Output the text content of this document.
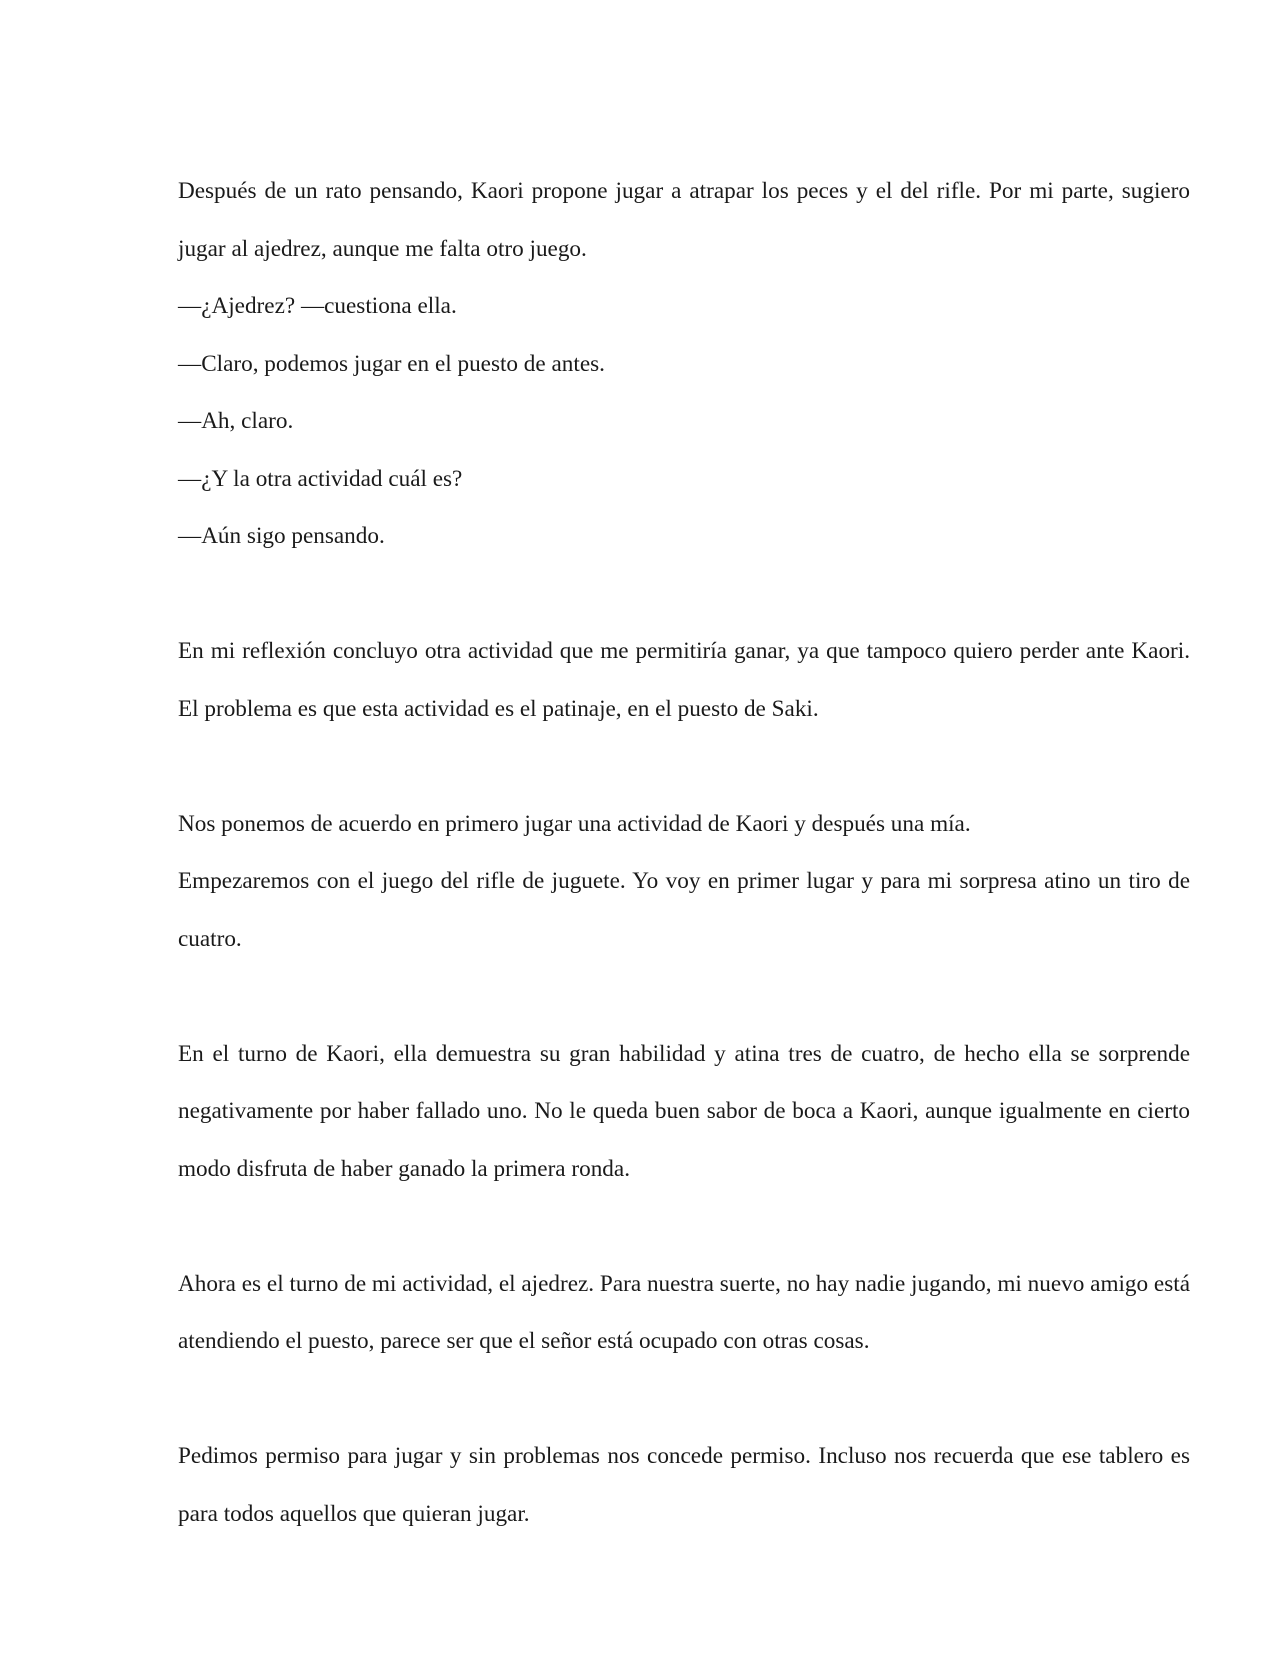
Después de un rato pensando, Kaori propone jugar a atrapar los peces y el del rifle. Por mi parte, sugiero jugar al ajedrez, aunque me falta otro juego.

—¿Ajedrez? —cuestiona ella.

—Claro, podemos jugar en el puesto de antes.

—Ah, claro.

—¿Y la otra actividad cuál es?

—Aún sigo pensando.

En mi reflexión concluyo otra actividad que me permitiría ganar, ya que tampoco quiero perder ante Kaori. El problema es que esta actividad es el patinaje, en el puesto de Saki.

Nos ponemos de acuerdo en primero jugar una actividad de Kaori y después una mía.

Empezaremos con el juego del rifle de juguete. Yo voy en primer lugar y para mi sorpresa atino un tiro de cuatro.

En el turno de Kaori, ella demuestra su gran habilidad y atina tres de cuatro, de hecho ella se sorprende negativamente por haber fallado uno. No le queda buen sabor de boca a Kaori, aunque igualmente en cierto modo disfruta de haber ganado la primera ronda.

Ahora es el turno de mi actividad, el ajedrez. Para nuestra suerte, no hay nadie jugando, mi nuevo amigo está atendiendo el puesto, parece ser que el señor está ocupado con otras cosas.

Pedimos permiso para jugar y sin problemas nos concede permiso. Incluso nos recuerda que ese tablero es para todos aquellos que quieran jugar.
